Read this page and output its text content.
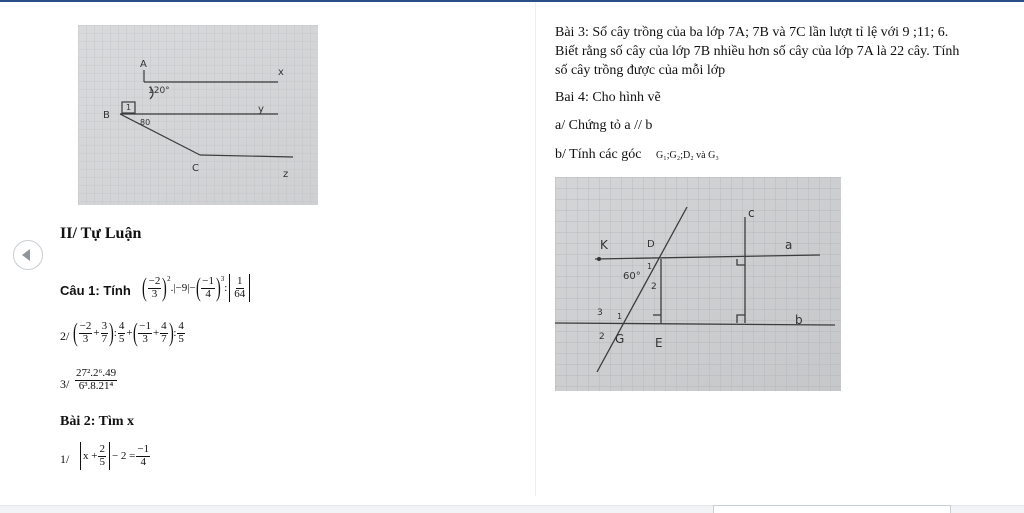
A
x
120°
B
y
80
C
z
1
II/ Tự Luận
Câu 1: Tính ( $\frac{-2}{3} )^2$
.|−9|− ( $\frac{-1}{4} )^3$
: $\frac{1}{64}$
2/ ( $\frac{-2}{3} + \frac{3}{7}$ ) : $\frac{4}{5}$ + ( $\frac{-1}{3} + \frac{4}{7}$ ) : $\frac{4}{5}$
$3/ \frac{\text{27².2⁶.49}}{\text{6³.8.21⁴}}$
Bài 2: Tìm x
1/ $x + \frac{2}{5} - 2 = \frac{-1}{4}$
Bài 3: Số cây trồng của ba lớp 7A; 7B và 7C lần lượt tỉ lệ với 9 ;11; 6.
Biết rằng số cây của lớp 7B nhiều hơn số cây của lớp 7A là 22 cây. Tính
số cây trồng được của mỗi lớp
Bai 4: Cho hình vẽ
a/ Chứng tỏ a // b
b/ Tính các góc G₁;G₂;D₂ và G₃
c
K	D	a
60°
1
2
3 1	b
2 G	E
